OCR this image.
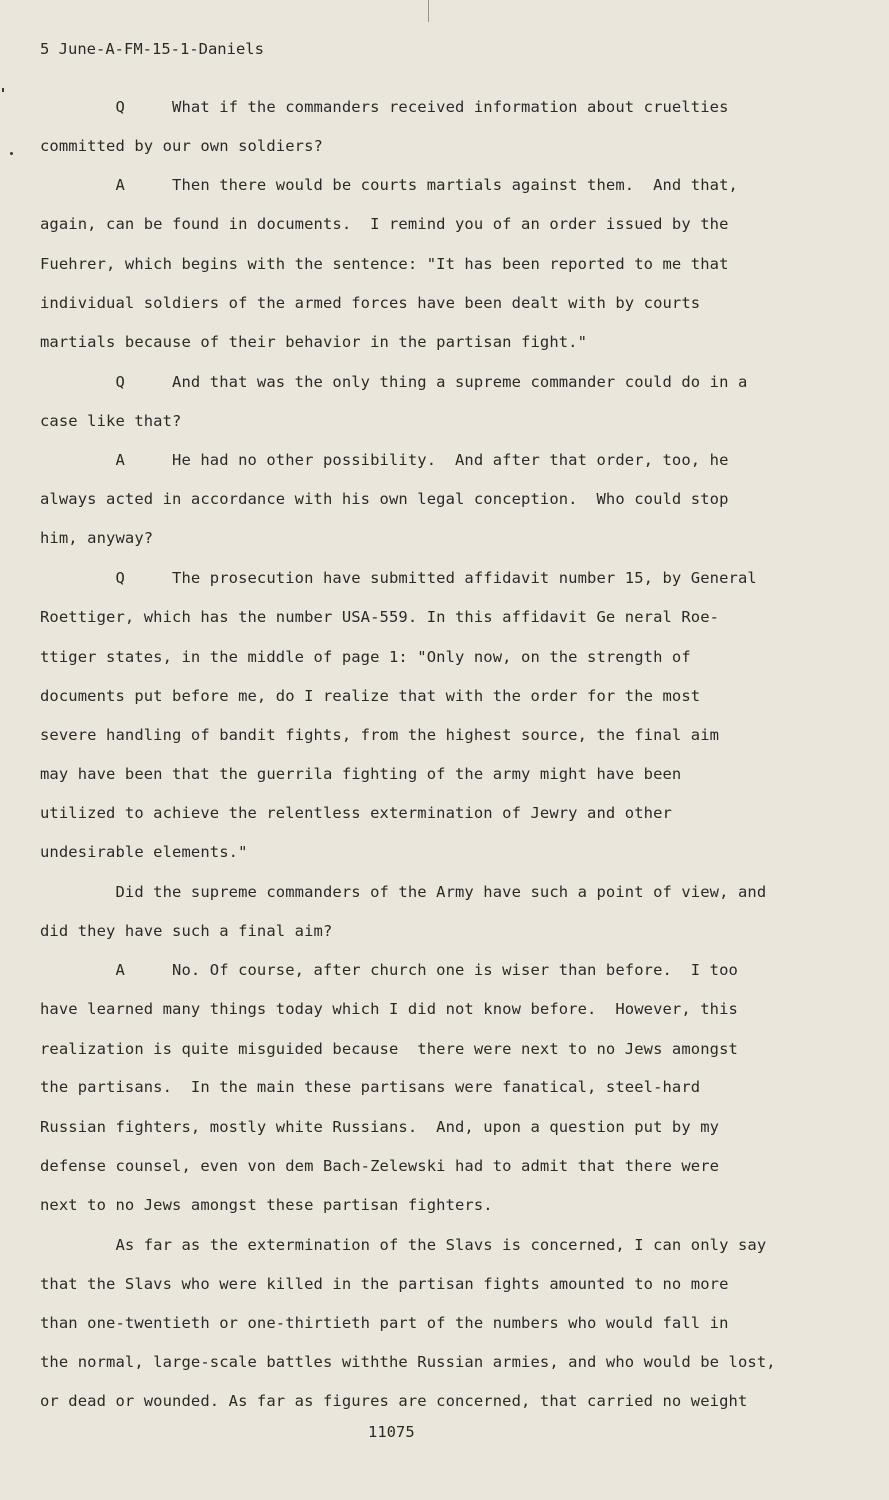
5 June-A-FM-15-1-Daniels
Q     What if the commanders received information about cruelties
committed by our own soldiers?
A     Then there would be courts martials against them.  And that,
again, can be found in documents.  I remind you of an order issued by the
Fuehrer, which begins with the sentence: "It has been reported to me that
individual soldiers of the armed forces have been dealt with by courts
martials because of their behavior in the partisan fight."
Q     And that was the only thing a supreme commander could do in a
case like that?
A     He had no other possibility.  And after that order, too, he
always acted in accordance with his own legal conception.  Who could stop
him, anyway?
Q     The prosecution have submitted affidavit number 15, by General
Roettiger, which has the number USA-559. In this affidavit Ge neral Roe-
ttiger states, in the middle of page 1: "Only now, on the strength of
documents put before me, do I realize that with the order for the most
severe handling of bandit fights, from the highest source, the final aim
may have been that the guerrila fighting of the army might have been
utilized to achieve the relentless extermination of Jewry and other
undesirable elements."
Did the supreme commanders of the Army have such a point of view, and
did they have such a final aim?
A     No. Of course, after church one is wiser than before.  I too
have learned many things today which I did not know before.  However, this
realization is quite misguided because  there were next to no Jews amongst
the partisans.  In the main these partisans were fanatical, steel-hard
Russian fighters, mostly white Russians.  And, upon a question put by my
defense counsel, even von dem Bach-Zelewski had to admit that there were
next to no Jews amongst these partisan fighters.
As far as the extermination of the Slavs is concerned, I can only say
that the Slavs who were killed in the partisan fights amounted to no more
than one-twentieth or one-thirtieth part of the numbers who would fall in
the normal, large-scale battles withthe Russian armies, and who would be lost,
or dead or wounded. As far as figures are concerned, that carried no weight
11075
